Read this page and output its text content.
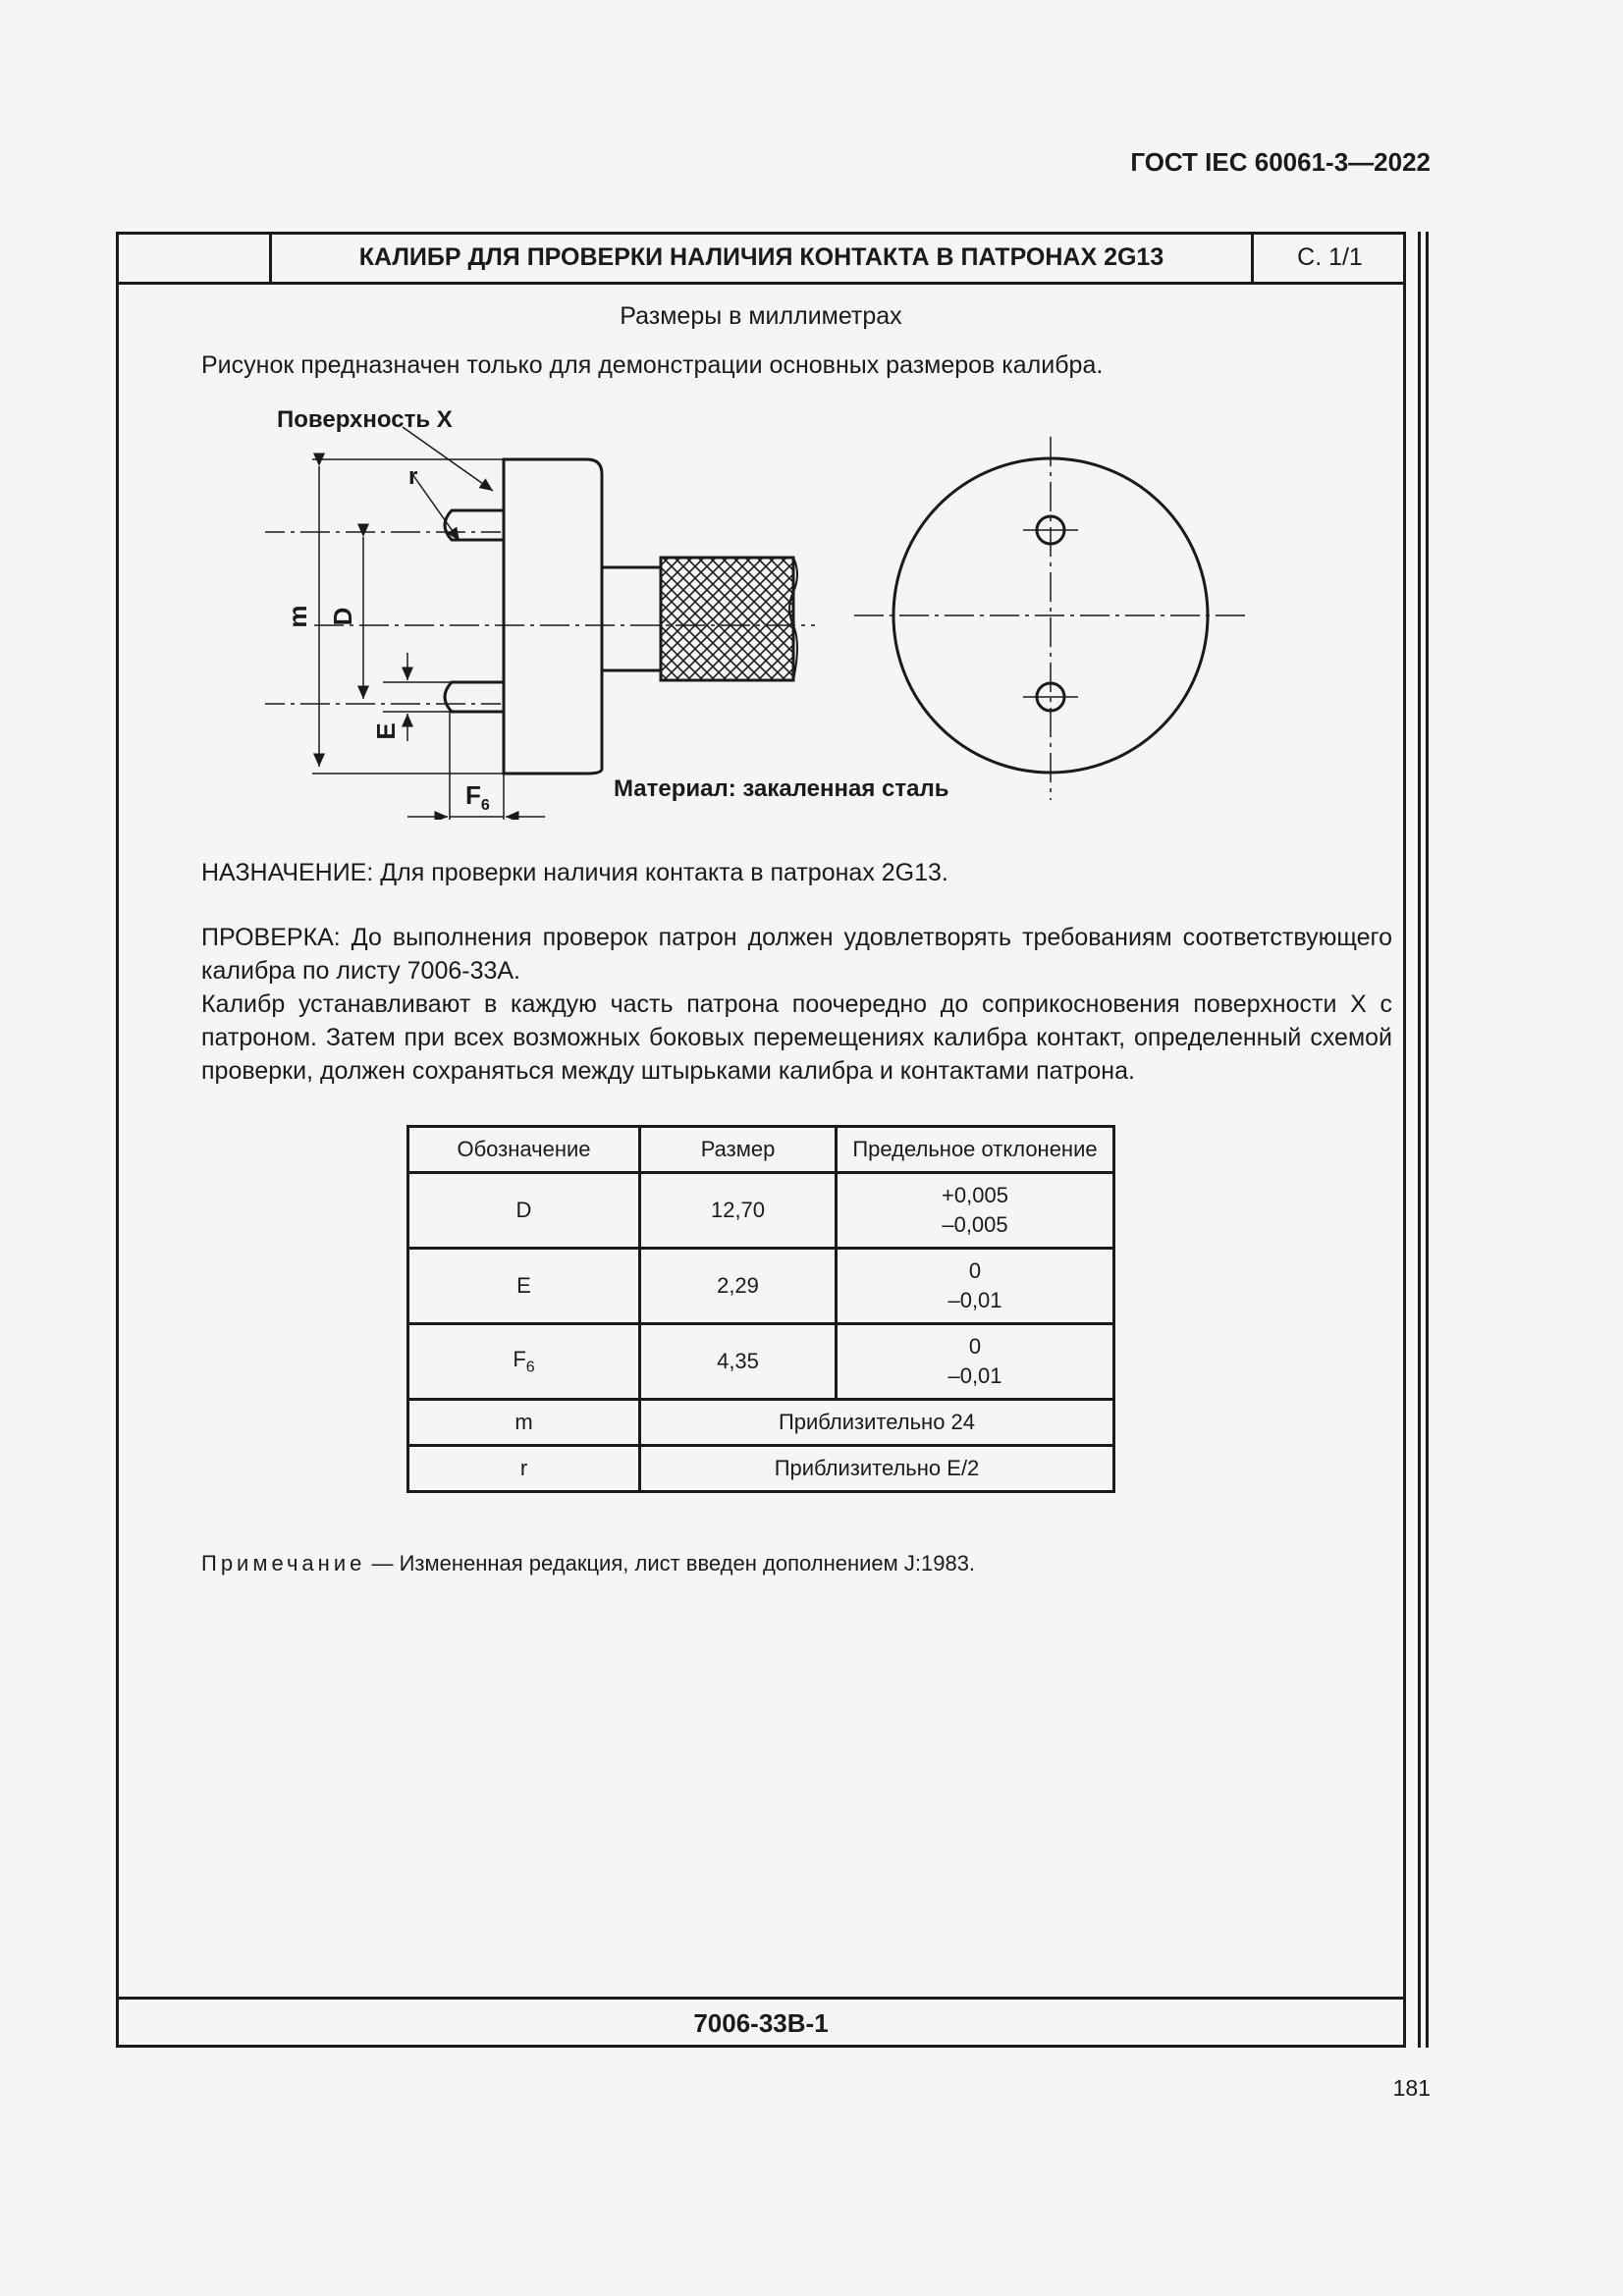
ГОСТ IEC 60061-3—2022
КАЛИБР ДЛЯ ПРОВЕРКИ НАЛИЧИЯ КОНТАКТА В ПАТРОНАХ 2G13	С. 1/1
Размеры в миллиметрах
Рисунок предназначен только для демонстрации основных размеров калибра.
Поверхность X
r
m D
E
$F_6$
Материал: закаленная сталь
НАЗНАЧЕНИЕ: Для проверки наличия контакта в патронах 2G13.
ПРОВЕРКА: До выполнения проверок патрон должен удовлетворять требованиям соответствующего калибра по листу 7006-33А.
Калибр устанавливают в каждую часть патрона поочередно до соприкосновения поверхности X с патроном. Затем при всех возможных боковых перемещениях калибра контакт, определенный схемой проверки, должен сохраняться между штырьками калибра и контактами патрона.
Обозначение	Размер	Предельное отклонение
D	12,70	+0,005
–0,005

E	2,29	0
–0,01

$F_6$	4,35	0
–0,01

m	Приблизительно 24	
r	Приблизительно E/2	
Примечание — Измененная редакция, лист введен дополнением J:1983.
7006-33B-1
181
